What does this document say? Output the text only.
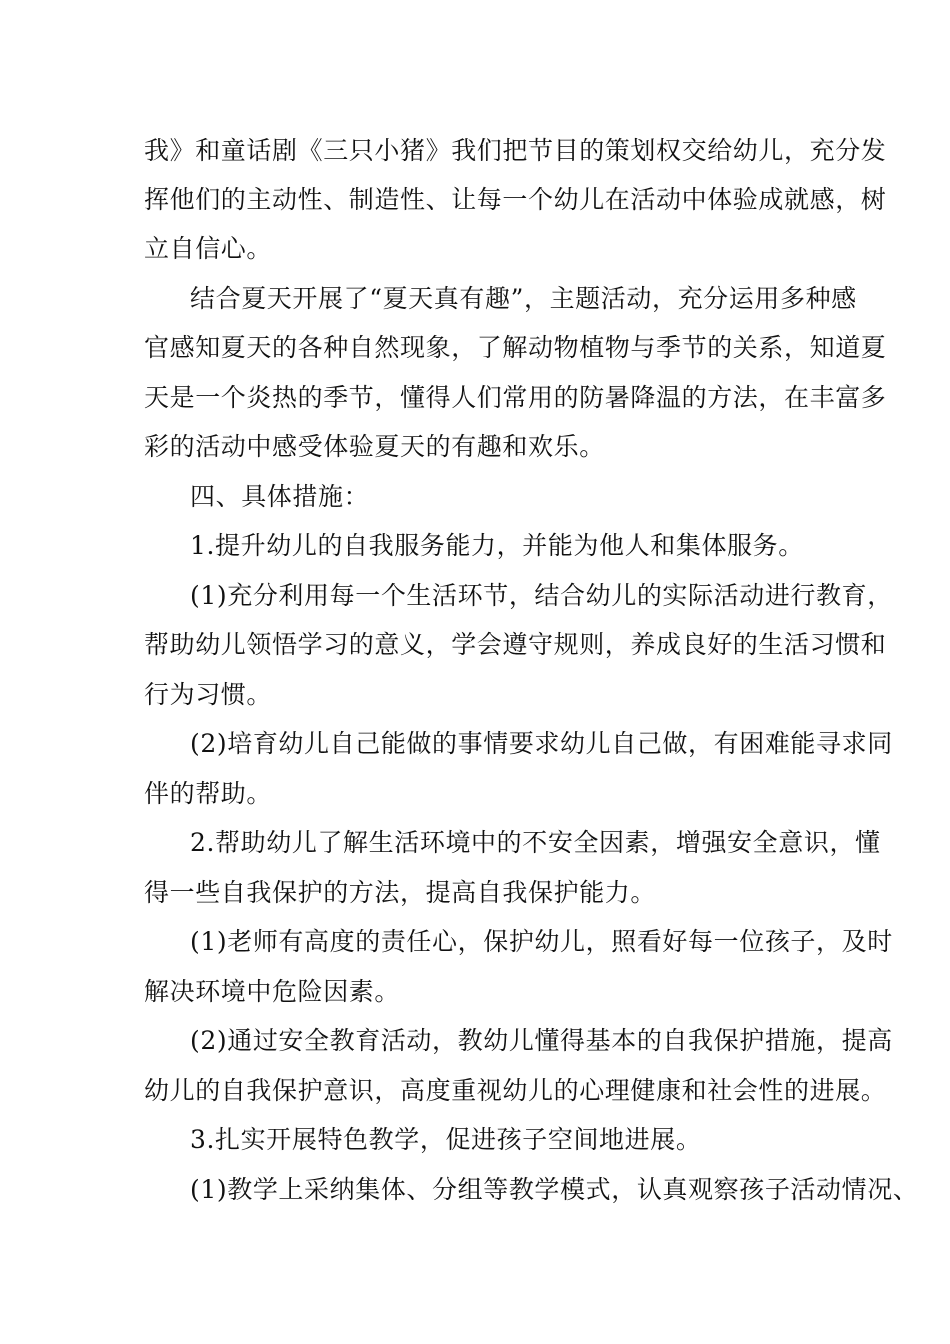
我》和童话剧《三只小猪》我们把节目的策划权交给幼儿，充分发
挥他们的主动性、制造性、让每一个幼儿在活动中体验成就感，树
立自信心。
结合夏天开展了“夏天真有趣”，主题活动，充分运用多种感
官感知夏天的各种自然现象，了解动物植物与季节的关系，知道夏
天是一个炎热的季节，懂得人们常用的防暑降温的方法，在丰富多
彩的活动中感受体验夏天的有趣和欢乐。
四、具体措施：
1.提升幼儿的自我服务能力，并能为他人和集体服务。
(1)充分利用每一个生活环节，结合幼儿的实际活动进行教育，
帮助幼儿领悟学习的意义，学会遵守规则，养成良好的生活习惯和
行为习惯。
(2)培育幼儿自己能做的事情要求幼儿自己做，有困难能寻求同
伴的帮助。
2.帮助幼儿了解生活环境中的不安全因素，增强安全意识，懂
得一些自我保护的方法，提高自我保护能力。
(1)老师有高度的责任心，保护幼儿，照看好每一位孩子，及时
解决环境中危险因素。
(2)通过安全教育活动，教幼儿懂得基本的自我保护措施，提高
幼儿的自我保护意识，高度重视幼儿的心理健康和社会性的进展。
3.扎实开展特色教学，促进孩子空间地进展。
(1)教学上采纳集体、分组等教学模式，认真观察孩子活动情况、
